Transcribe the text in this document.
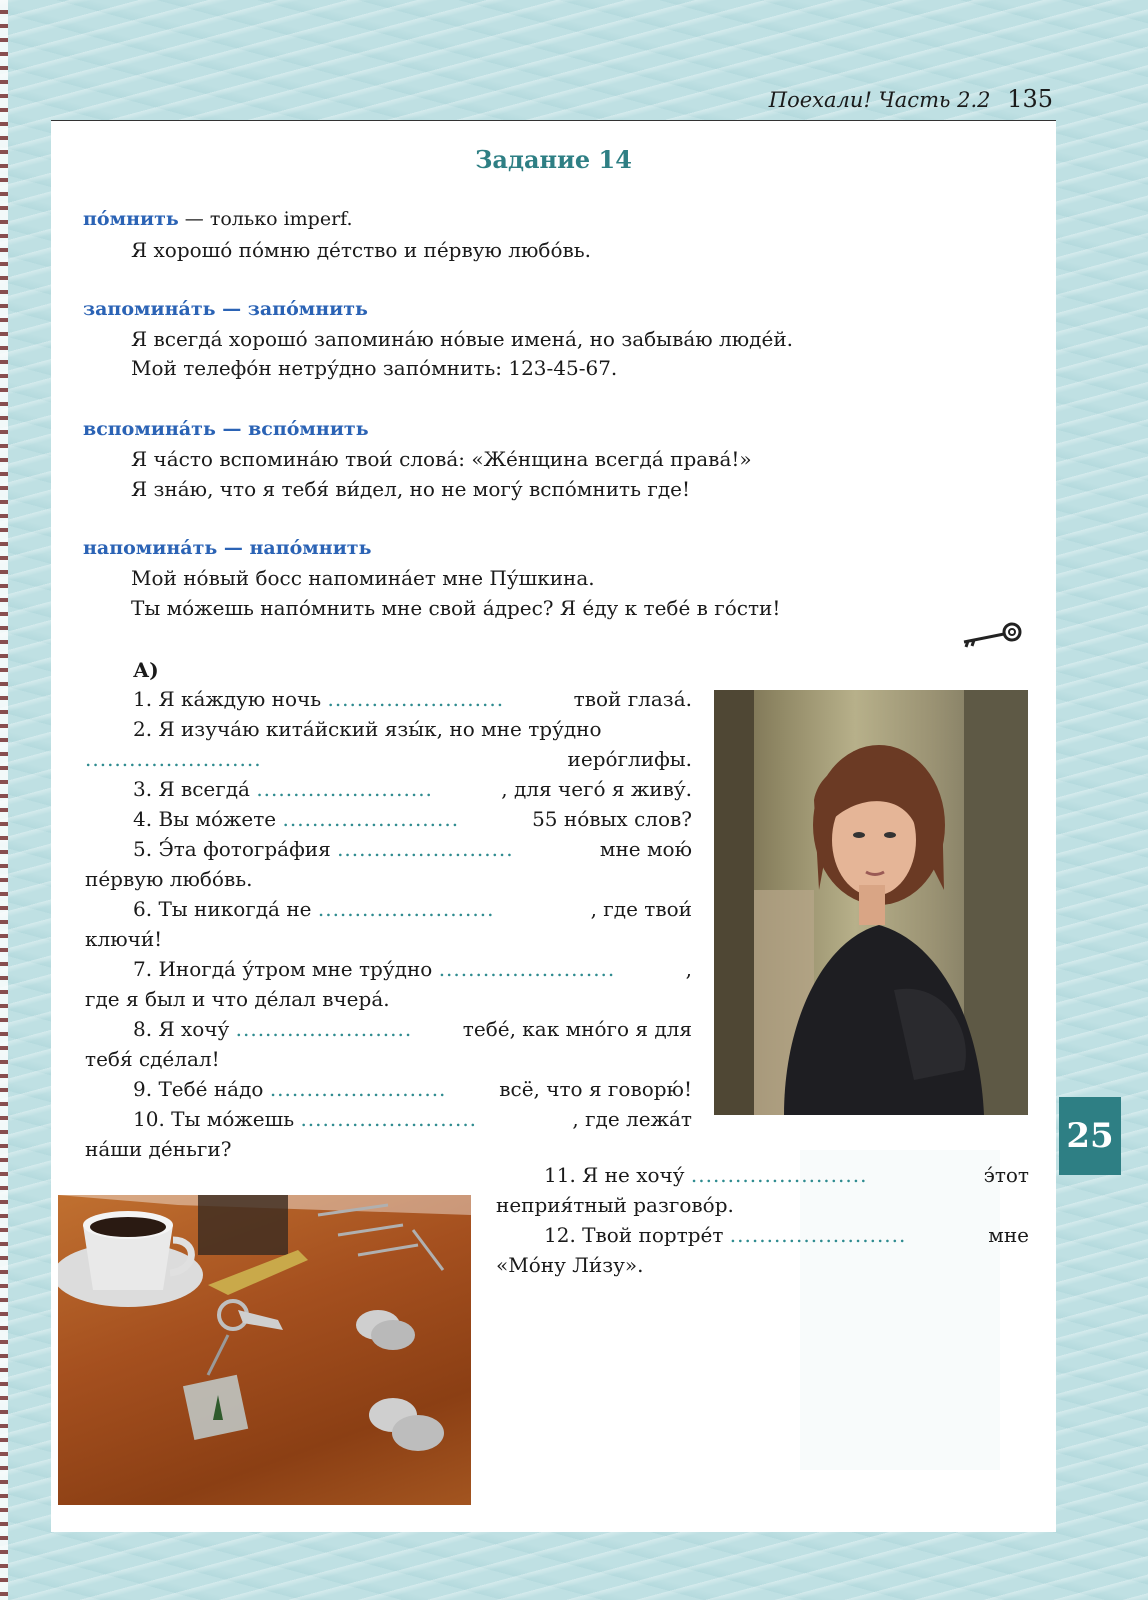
Поехали! Часть 2.2 135
Задание 14
по́мнить — только imperf.
Я хорошо́ по́мню де́тство и пе́рвую любо́вь.
запомина́ть — запо́мнить
Я всегда́ хорошо́ запомина́ю но́вые имена́, но забыва́ю люде́й.
Мой телефо́н нетру́дно запо́мнить: 123-45-67.
вспомина́ть — вспо́мнить
Я ча́сто вспомина́ю твои́ слова́: «Же́нщина всегда́ права́!»
Я зна́ю, что я тебя́ ви́дел, но не могу́ вспо́мнить где!
напомина́ть — напо́мнить
Мой но́вый босс напомина́ет мне Пу́шкина.
Ты мо́жешь напо́мнить мне свой а́дрес? Я е́ду к тебе́ в го́сти!
А)
1. Я ка́ждую ночь ........................	твой глаза́.
2. Я изуча́ю кита́йский язы́к, но мне тру́дно
........................	иеро́глифы.
3. Я всегда́ ........................	, для чего́ я живу́.
4. Вы мо́жете ........................	55 но́вых слов?
5. Э́та фотогра́фия ........................	мне мою́
пе́рвую любо́вь.
6. Ты никогда́ не ........................	, где твои́
ключи́!
7. Иногда́ у́тром мне тру́дно ........................	,
где я был и что де́лал вчера́.
8. Я хочу́ ........................	тебе́, как мно́го я для
тебя́ сде́лал!
9. Тебе́ на́до ........................	всё, что я говорю́!
10. Ты мо́жешь ........................	, где лежа́т
на́ши де́ньги?	25
11. Я не хочу́ ........................	э́тот
неприя́тный разгово́р.
12. Твой портре́т ........................	мне
«Мо́ну Ли́зу».
